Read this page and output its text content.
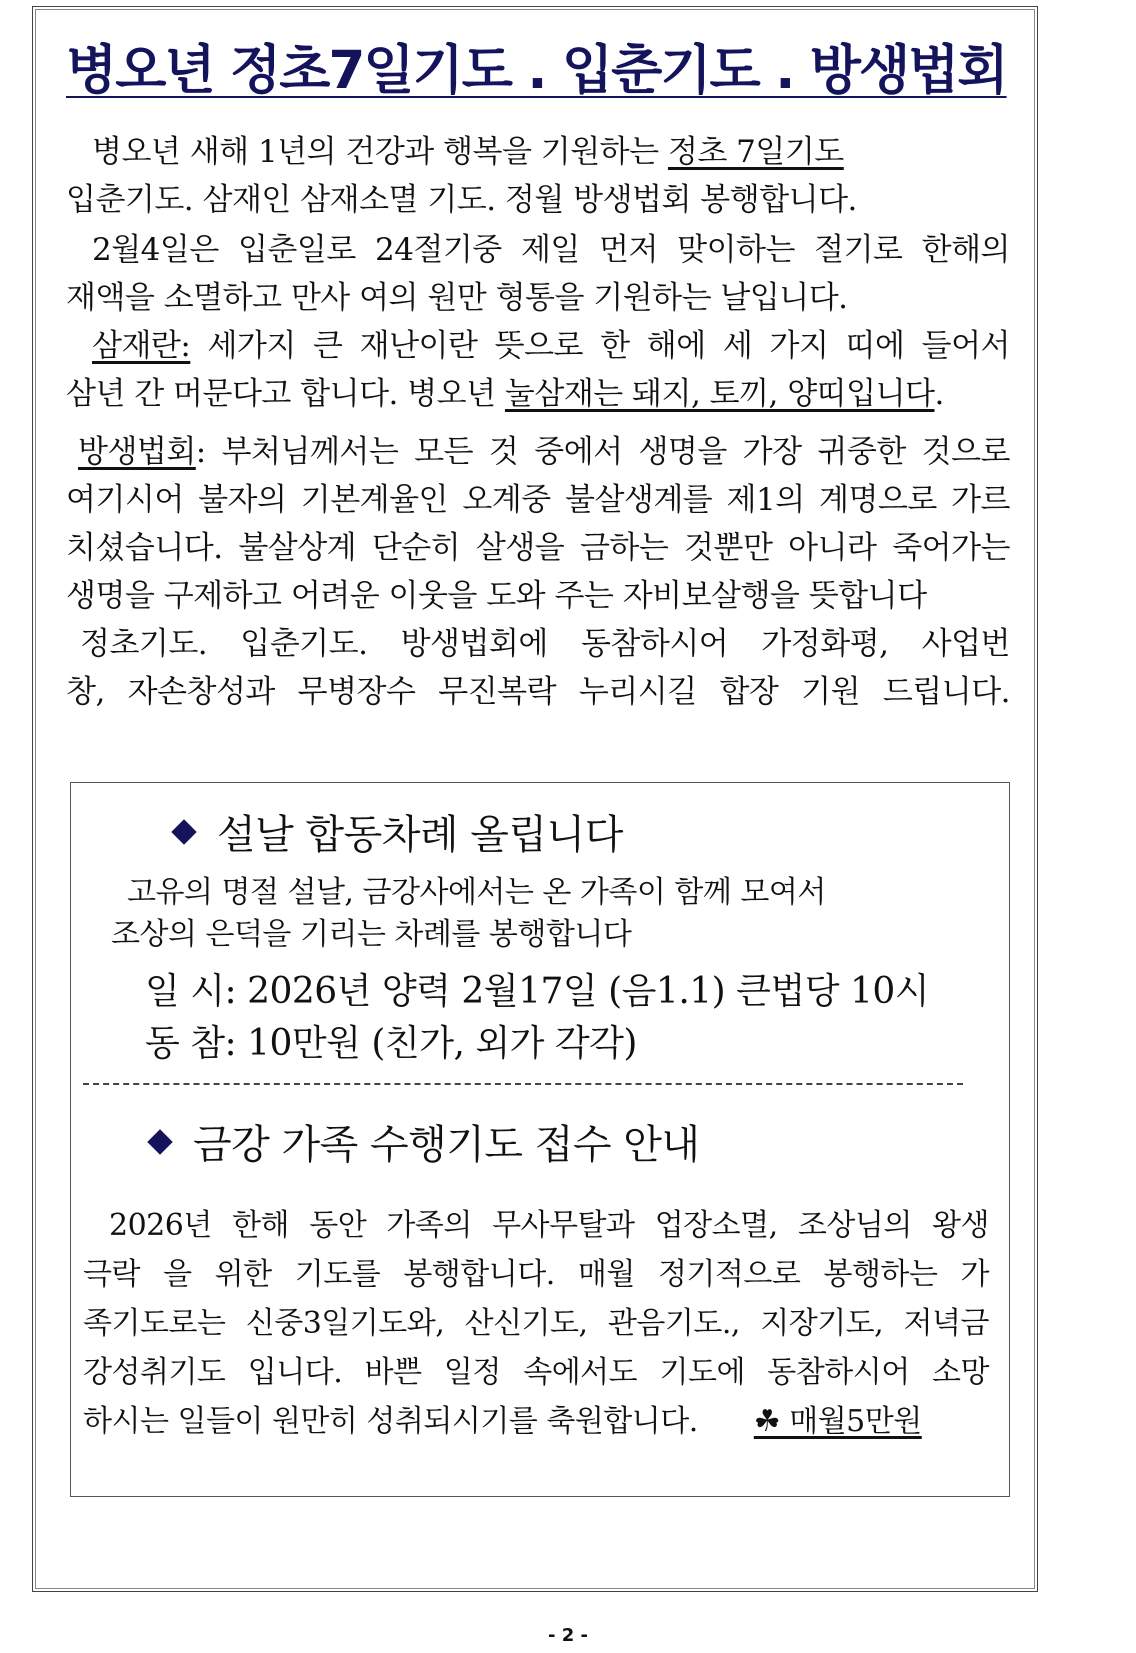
병오년 정초7일기도 . 입춘기도 . 방생법회
병오년 새해 1년의 건강과 행복을 기원하는 정초 7일기도
입춘기도. 삼재인 삼재소멸 기도. 정월 방생법회 봉행합니다.
2월4일은 입춘일로 24절기중 제일 먼저 맞이하는 절기로 한해의
재액을 소멸하고 만사 여의 원만 형통을 기원하는 날입니다.
삼재란: 세가지 큰 재난이란 뜻으로 한 해에 세 가지 띠에 들어서
삼년 간 머문다고 합니다. 병오년 눌삼재는 돼지, 토끼, 양띠입니다.
방생법회: 부처님께서는 모든 것 중에서 생명을 가장 귀중한 것으로
여기시어 불자의 기본계율인 오계중 불살생계를 제1의 계명으로 가르
치셨습니다. 불살상계 단순히 살생을 금하는 것뿐만 아니라 죽어가는
생명을 구제하고 어려운 이웃을 도와 주는 자비보살행을 뜻합니다
정초기도. 입춘기도. 방생법회에 동참하시어 가정화평, 사업번
창, 자손창성과 무병장수 무진복락 누리시길 합장 기원 드립니다.
설날 합동차례 올립니다
고유의 명절 설날, 금강사에서는 온 가족이 함께 모여서
조상의 은덕을 기리는 차례를 봉행합니다
일 시: 2026년 양력 2월17일 (음1.1) 큰법당 10시
동 참: 10만원 (친가, 외가 각각)
금강 가족 수행기도 접수 안내
2026년 한해 동안 가족의 무사무탈과 업장소멸, 조상님의 왕생
극락 을 위한 기도를 봉행합니다. 매월 정기적으로 봉행하는 가
족기도로는 신중3일기도와, 산신기도, 관음기도., 지장기도, 저녁금
강성취기도 입니다. 바쁜 일정 속에서도 기도에 동참하시어 소망
하시는 일들이 원만히 성취되시기를 축원합니다. ☘ 매월5만원
- 2 -
